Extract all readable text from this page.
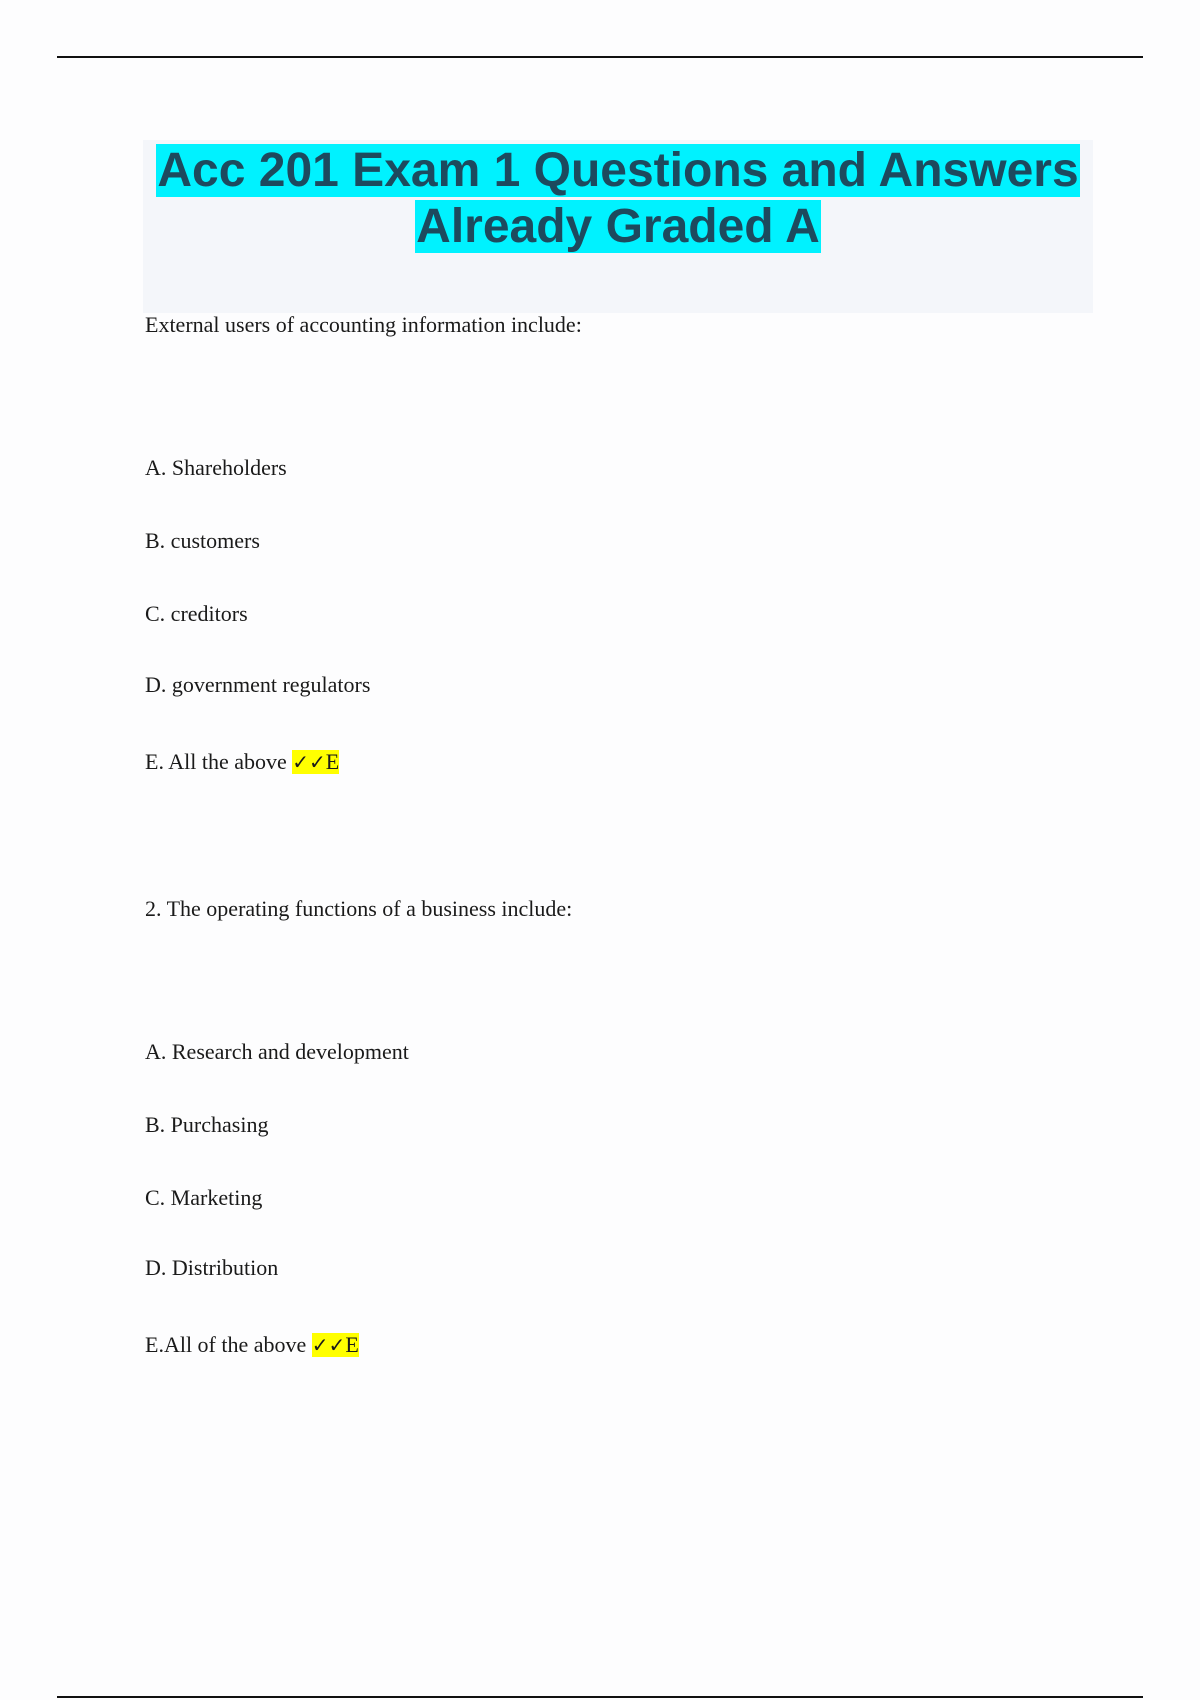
Acc 201 Exam 1 Questions and Answers
Already Graded A

External users of accounting information include:

A. Shareholders

B. customers

C. creditors

D. government regulators

E. All the above ✓✓E

2. The operating functions of a business include:

A. Research and development

B. Purchasing

C. Marketing

D. Distribution

E.All of the above ✓✓E
